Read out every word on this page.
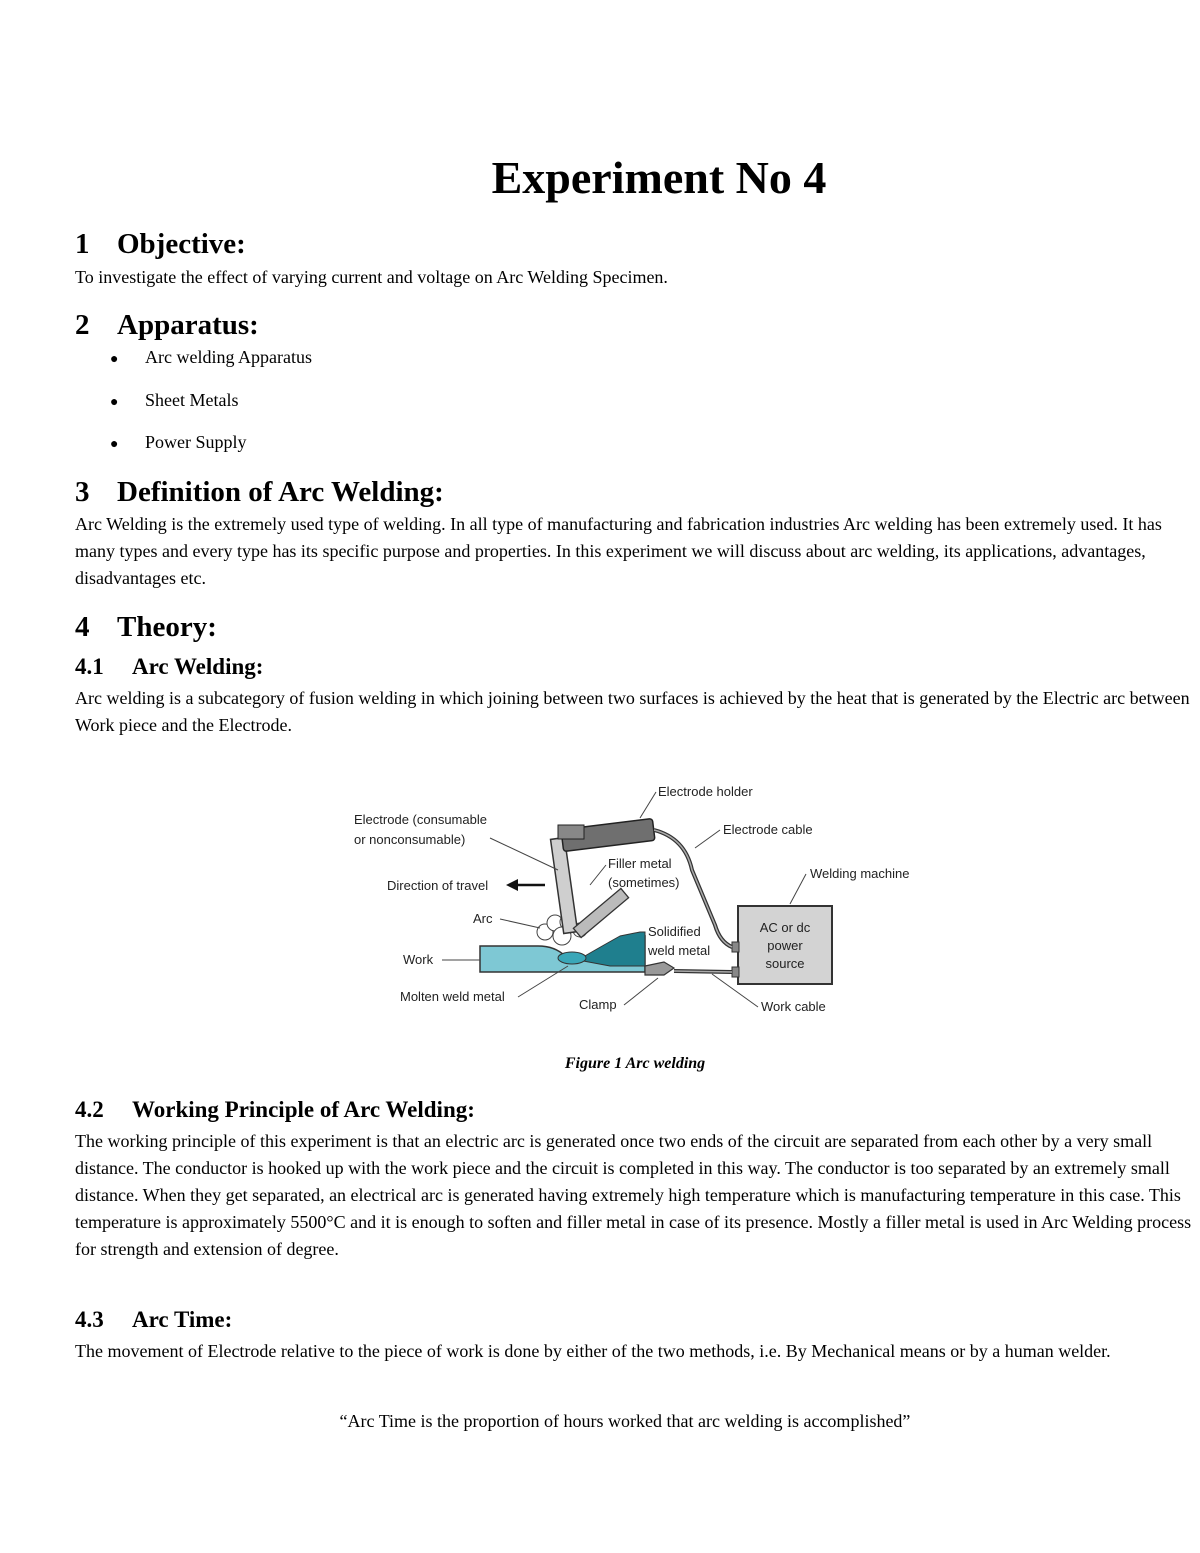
Experiment No 4
1 Objective:

To investigate the effect of varying current and voltage on Arc Welding Specimen.

2 Apparatus:
● Arc welding Apparatus
● Sheet Metals
● Power Supply
3 Definition of Arc Welding:

Arc Welding is the extremely used type of welding. In all type of manufacturing and fabrication industries Arc welding has been extremely used. It has many types and every type has its specific purpose and properties. In this experiment we will discuss about arc welding, its applications, advantages, disadvantages etc.

4 Theory:
4.1 Arc Welding:

Arc welding is a subcategory of fusion welding in which joining between two surfaces is achieved by the heat that is generated by the Electric arc between Work piece and the Electrode.

AC or dc
power
source
Electrode holder
Electrode (consumable
or nonconsumable)
Electrode cable
Filler metal
(sometimes)
Welding machine
Direction of travel
Arc
Solidified
weld metal
Work
Molten weld metal
Clamp	Work cable
Figure 1 Arc welding
4.2 Working Principle of Arc Welding:

The working principle of this experiment is that an electric arc is generated once two ends of the circuit are separated from each other by a very small distance. The conductor is hooked up with the work piece and the circuit is completed in this way. The conductor is too separated by an extremely small distance. When they get separated, an electrical arc is generated having extremely high temperature which is manufacturing temperature in this case. This temperature is approximately 5500°C and it is enough to soften and filler metal in case of its presence. Mostly a filler metal is used in Arc Welding process for strength and extension of degree.

4.3 Arc Time:

The movement of Electrode relative to the piece of work is done by either of the two methods, i.e. By Mechanical means or by a human welder.

“Arc Time is the proportion of hours worked that arc welding is accomplished”
